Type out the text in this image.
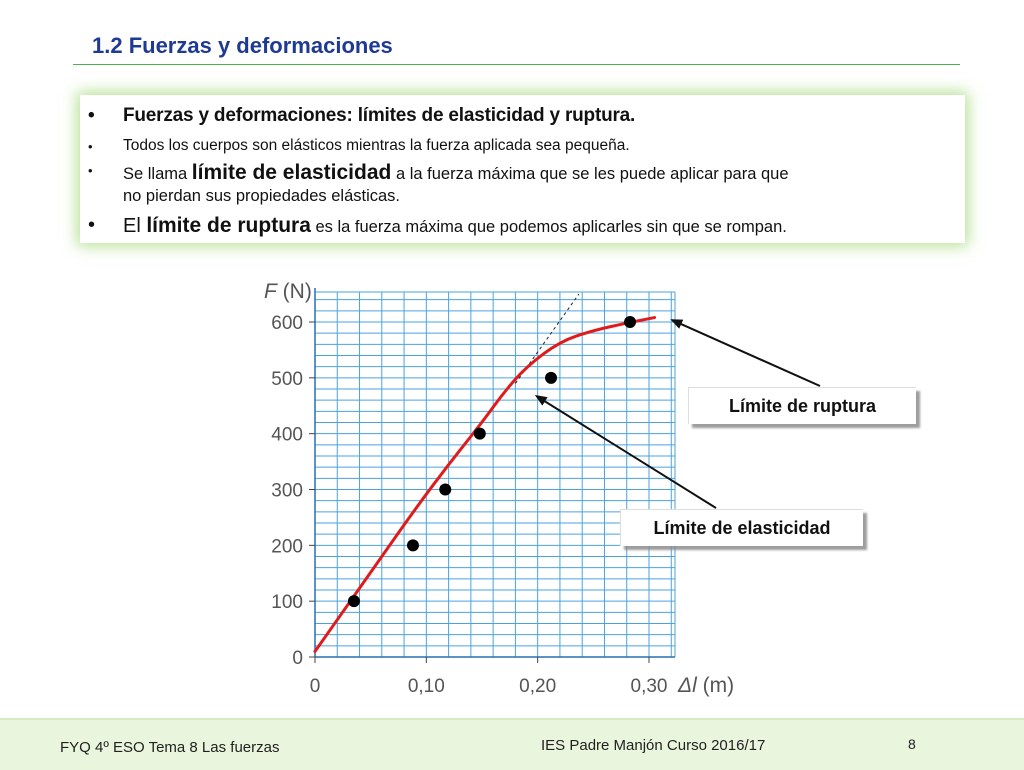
1.2 Fuerzas y deformaciones
• Fuerzas y deformaciones: límites de elasticidad y ruptura.
• Todos los cuerpos son elásticos mientras la fuerza aplicada sea pequeña.
• Se llama límite de elasticidad a la fuerza máxima que se les puede aplicar para que
no pierdan sus propiedades elásticas.
• El límite de ruptura es la fuerza máxima que podemos aplicarles sin que se rompan.
0
100
200
300
400
500
600
0	0,10	0,20	0,30
F (N)
Δl (m)
Límite de ruptura
Límite de elasticidad
FYQ 4º ESO Tema 8 Las fuerzas	IES Padre Manjón Curso 2016/17	8
